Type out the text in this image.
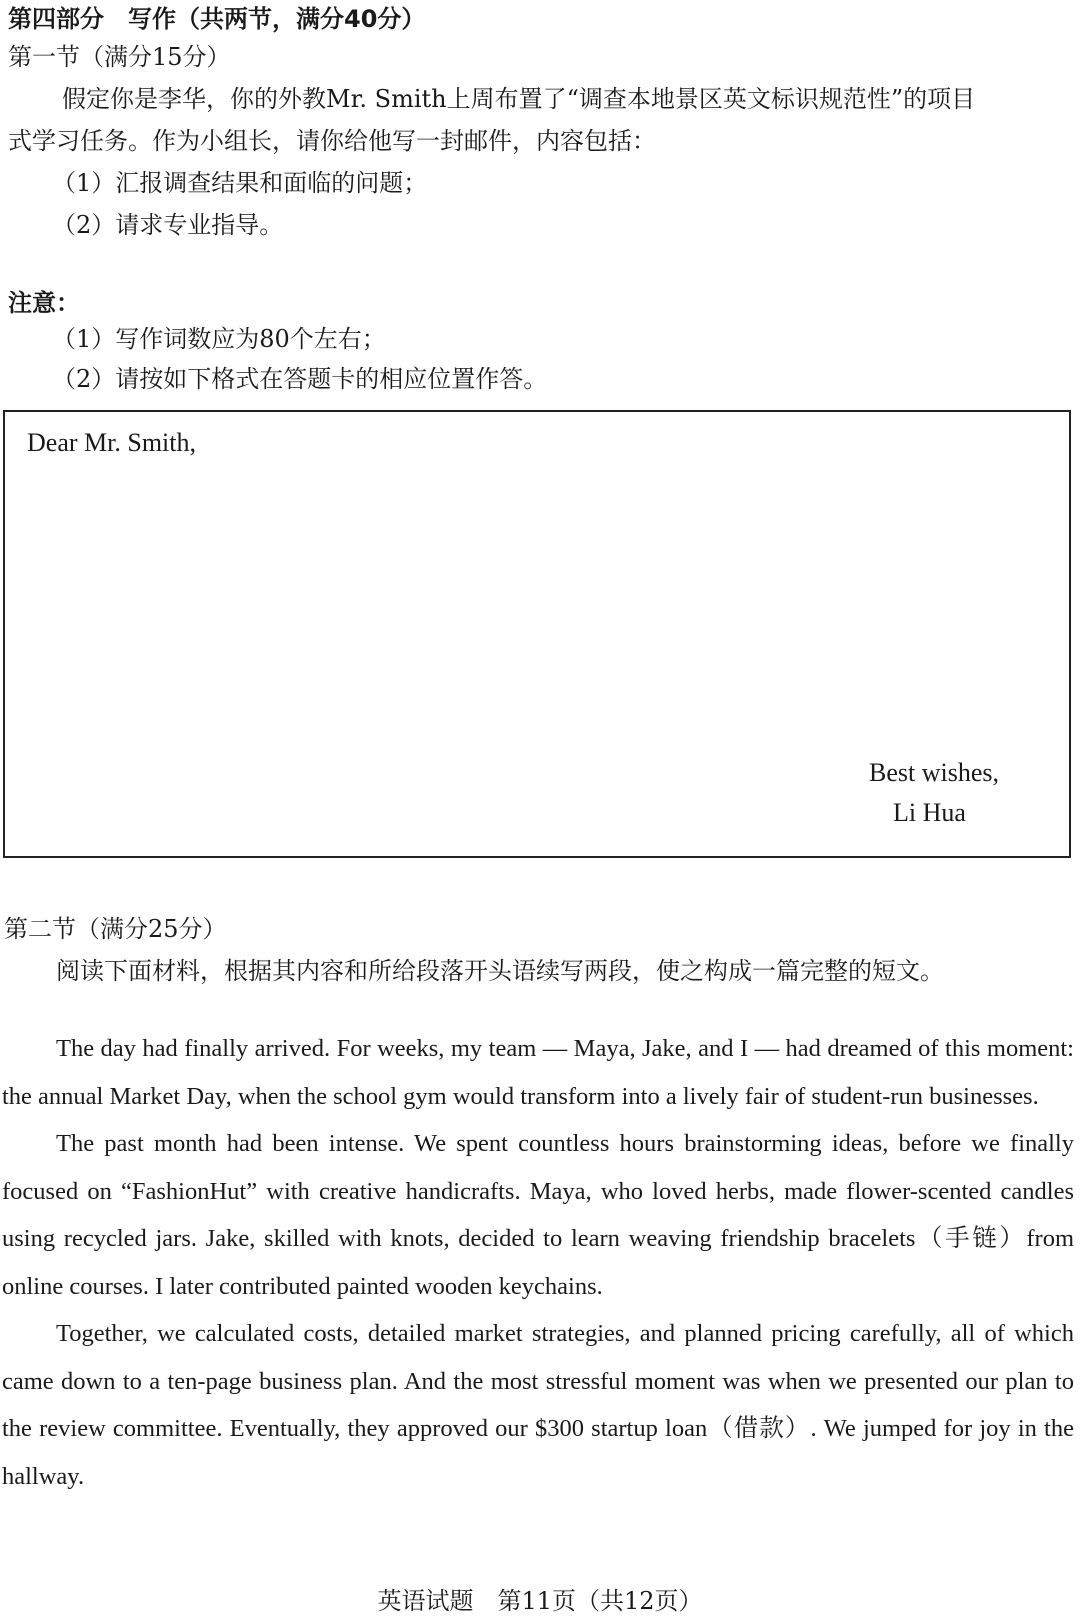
第四部分　写作（共两节，满分40分）
第一节（满分15分）
假定你是李华，你的外教Mr. Smith上周布置了“调查本地景区英文标识规范性”的项目
式学习任务。作为小组长，请你给他写一封邮件，内容包括：
（1）汇报调查结果和面临的问题；
（2）请求专业指导。
注意：
（1）写作词数应为80个左右；
（2）请按如下格式在答题卡的相应位置作答。
Dear Mr. Smith,
Best wishes,
Li Hua
第二节（满分25分）
阅读下面材料，根据其内容和所给段落开头语续写两段，使之构成一篇完整的短文。

The day had finally arrived. For weeks, my team — Maya, Jake, and I — had dreamed of this moment: the annual Market Day, when the school gym would transform into a lively fair of student-run businesses.

The past month had been intense. We spent countless hours brainstorming ideas, before we finally focused on “FashionHut” with creative handicrafts. Maya, who loved herbs, made flower-scented candles using recycled jars. Jake, skilled with knots, decided to learn weaving friendship bracelets（手链）from online courses. I later contributed painted wooden keychains.

Together, we calculated costs, detailed market strategies, and planned pricing carefully, all of which came down to a ten-page business plan. And the most stressful moment was when we presented our plan to the review committee. Eventually, they approved our $300 startup loan（借款）. We jumped for joy in the hallway.

英语试题　第11页（共12页）
